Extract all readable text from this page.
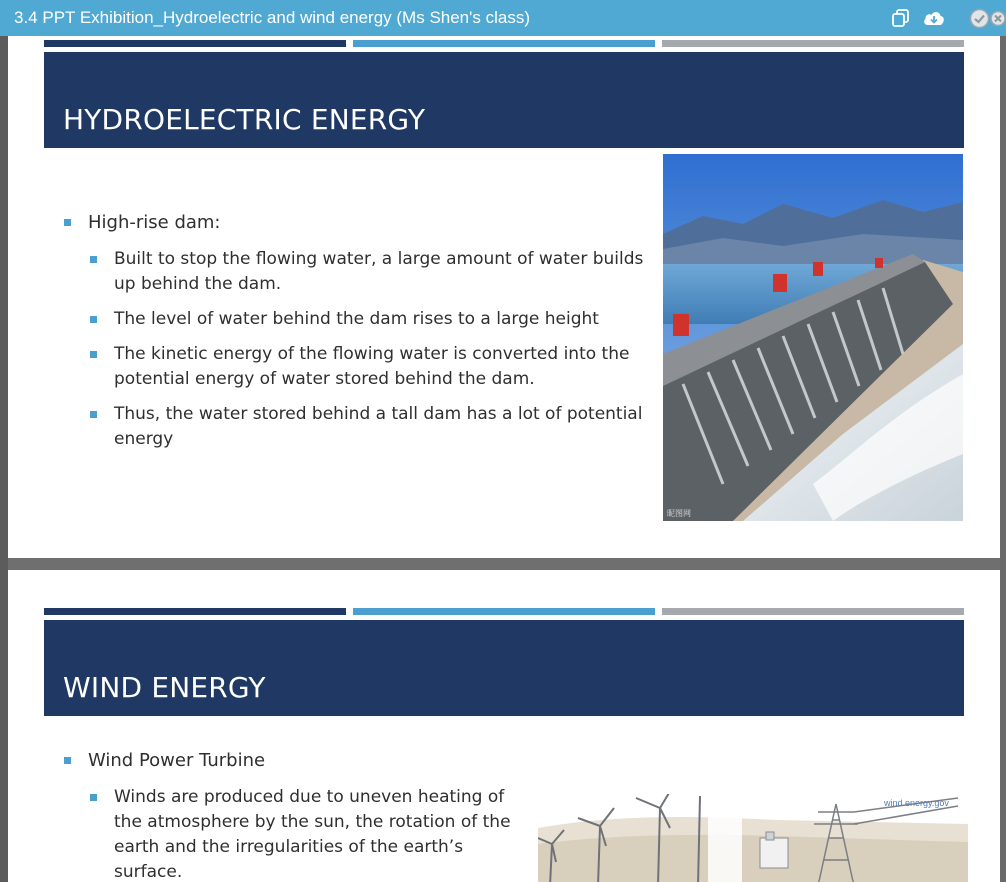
3.4 PPT Exhibition_Hydroelectric and wind energy (Ms Shen's class)
HYDROELECTRIC ENERGY
High-rise dam:
Built to stop the flowing water, a large amount of water builds up behind the dam.
The level of water behind the dam rises to a large height
The kinetic energy of the flowing water is converted into the potential energy of water stored behind the dam.
Thus, the water stored behind a tall dam has a lot of potential energy
昵图网
WIND ENERGY
Wind Power Turbine
Winds are produced due to uneven heating of the atmosphere by the sun, the rotation of the earth and the irregularities of the earth’s surface.
wind.energy.gov
